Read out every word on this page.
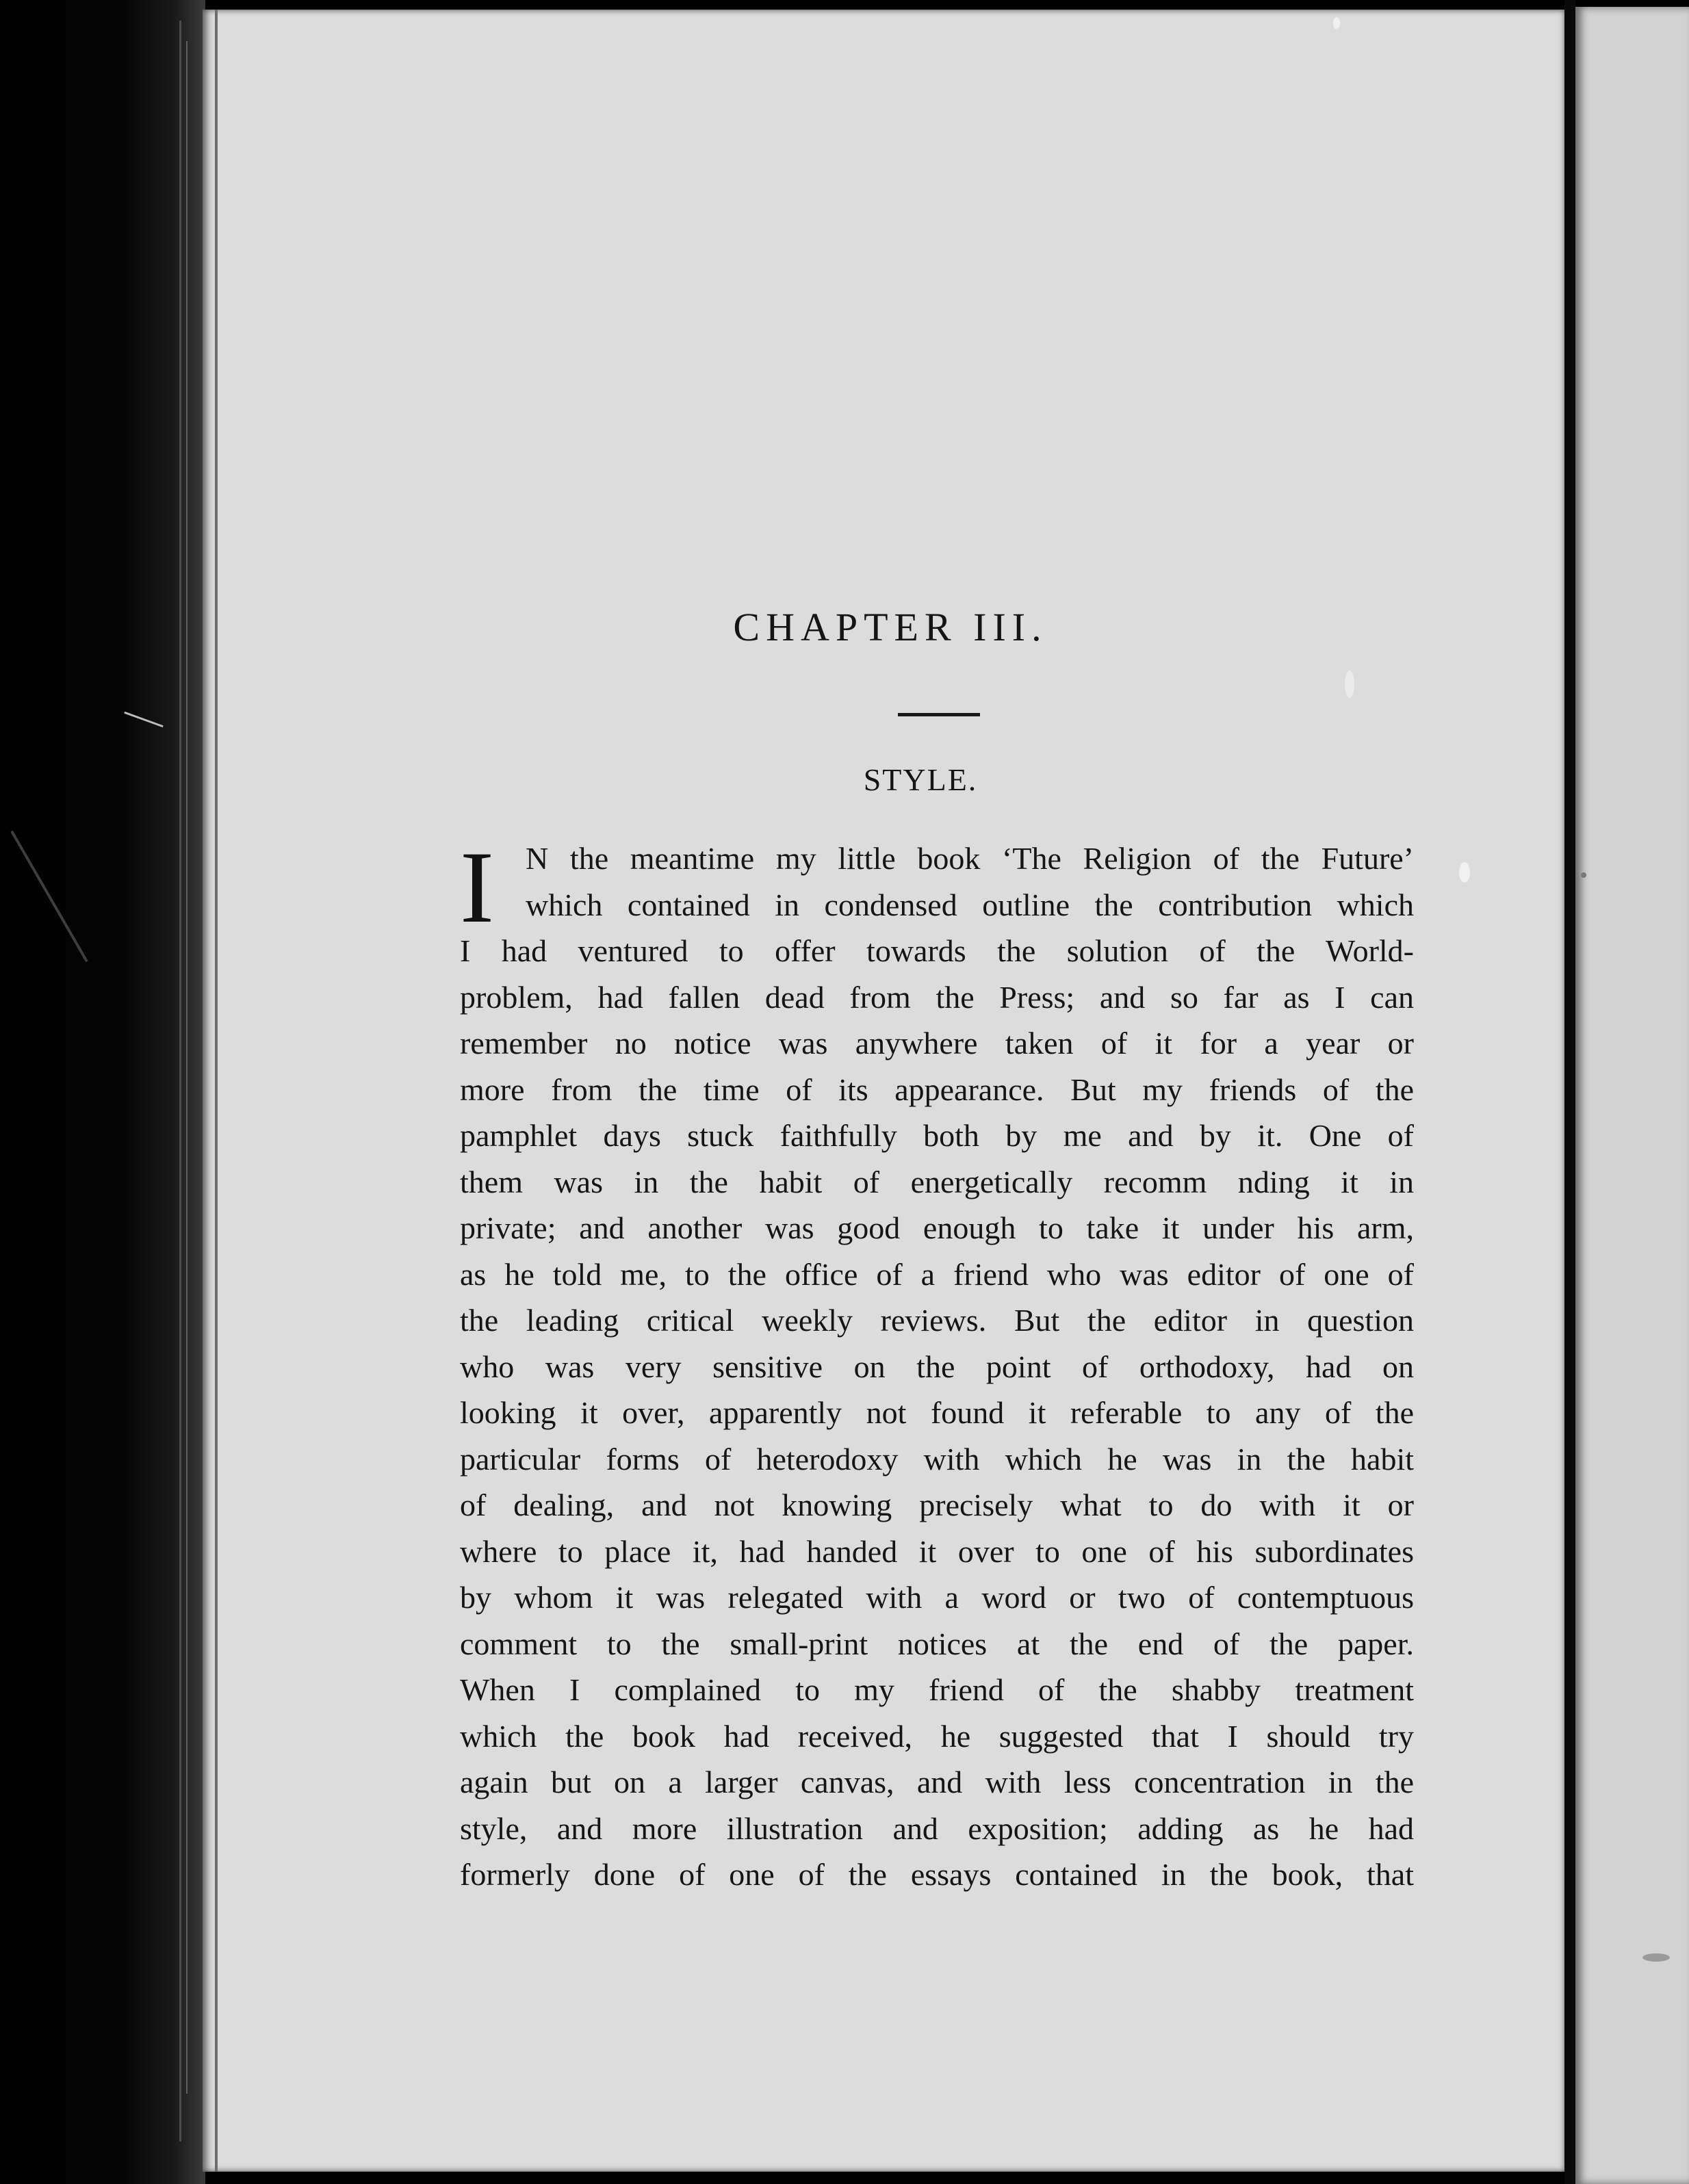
CHAPTER III.
STYLE.
I	N the meantime my little book ‘The Religion of the Future’
which contained in condensed outline the contribution which
I had ventured to offer towards the solution of the World-
problem, had fallen dead from the Press; and so far as I can
remember no notice was anywhere taken of it for a year or
more from the time of its appearance. But my friends of the
pamphlet days stuck faithfully both by me and by it. One of
them was in the habit of energetically recomm nding it in
private; and another was good enough to take it under his arm,
as he told me, to the office of a friend who was editor of one of
the leading critical weekly reviews. But the editor in question
who was very sensitive on the point of orthodoxy, had on
looking it over, apparently not found it referable to any of the
particular forms of heterodoxy with which he was in the habit
of dealing, and not knowing precisely what to do with it or
where to place it, had handed it over to one of his subordinates
by whom it was relegated with a word or two of contemptuous
comment to the small-print notices at the end of the paper.
When I complained to my friend of the shabby treatment
which the book had received, he suggested that I should try
again but on a larger canvas, and with less concentration in the
style, and more illustration and exposition; adding as he had
formerly done of one of the essays contained in the book, that
